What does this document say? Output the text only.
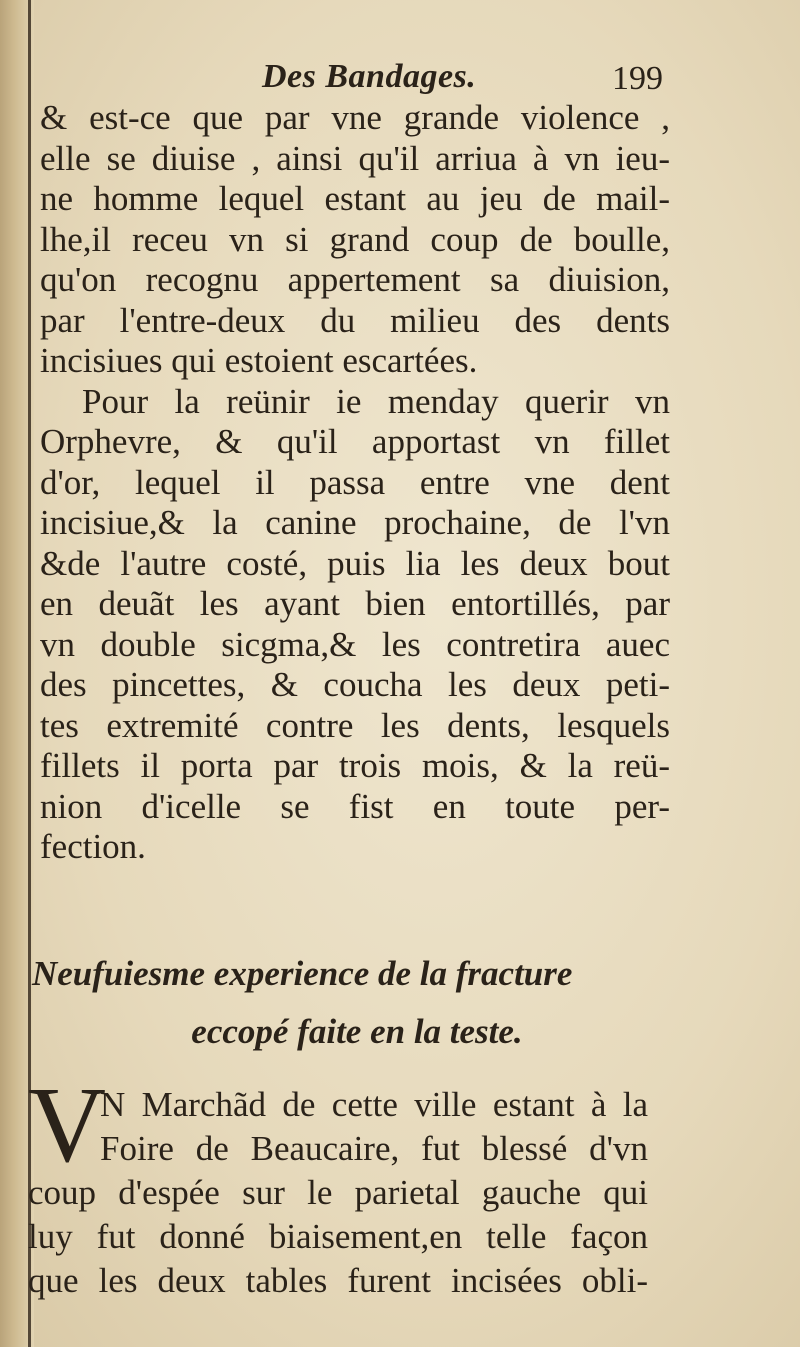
Des Bandages.	199
& est-ce que par vne grande violence ,
elle se diuise , ainsi qu'il arriua à vn ieu-
ne homme lequel estant au jeu de mail-
lhe,il receu vn si grand coup de boulle,
qu'on recognu appertement sa diuision,
par l'entre-deux du milieu des dents
incisiues qui estoient escartées.
Pour la reünir ie menday querir vn
Orphevre, & qu'il apportast vn fillet
d'or, lequel il passa entre vne dent
incisiue,& la canine prochaine, de l'vn
&de l'autre costé, puis lia les deux bout
en deuãt les ayant bien entortillés, par
vn double sicgma,& les contretira auec
des pincettes, & coucha les deux peti-
tes extremité contre les dents, lesquels
fillets il porta par trois mois, & la reü-
nion d'icelle se fist en toute per-
fection.
Neufuiesme experience de la fracture
eccopé faite en la teste.
V
N Marchãd de cette ville estant à la
Foire de Beaucaire, fut blessé d'vn
coup d'espée sur le parietal gauche qui
luy fut donné biaisement,en telle façon
que les deux tables furent incisées obli-
